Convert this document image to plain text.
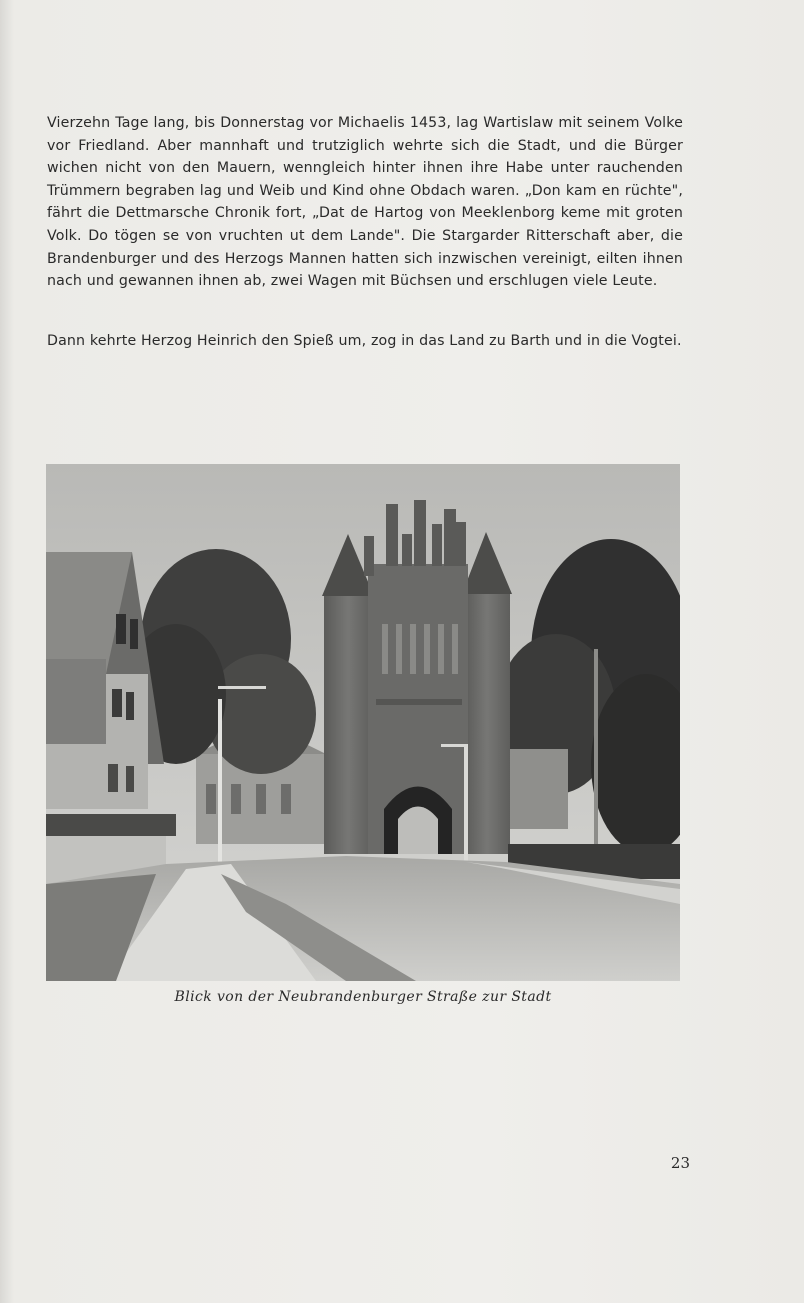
Vierzehn Tage lang, bis Donnerstag vor Michaelis 1453, lag Wartislaw mit seinem Volke vor Friedland. Aber mannhaft und trutziglich wehrte sich die Stadt, und die Bürger wichen nicht von den Mauern, wenngleich hinter ihnen ihre Habe unter rauchenden Trümmern begraben lag und Weib und Kind ohne Obdach waren. „Don kam en rüchte", fährt die Dettmarsche Chronik fort, „Dat de Hartog von Meeklenborg keme mit groten Volk. Do tögen se von vruchten ut dem Lande". Die Stargarder Ritterschaft aber, die Brandenburger und des Herzogs Mannen hatten sich inzwischen vereinigt, eilten ihnen nach und gewannen ihnen ab, zwei Wagen mit Büchsen und erschlugen viele Leute.

Dann kehrte Herzog Heinrich den Spieß um, zog in das Land zu Barth und in die Vogtei.

Blick von der Neubrandenburger Straße zur Stadt
23
